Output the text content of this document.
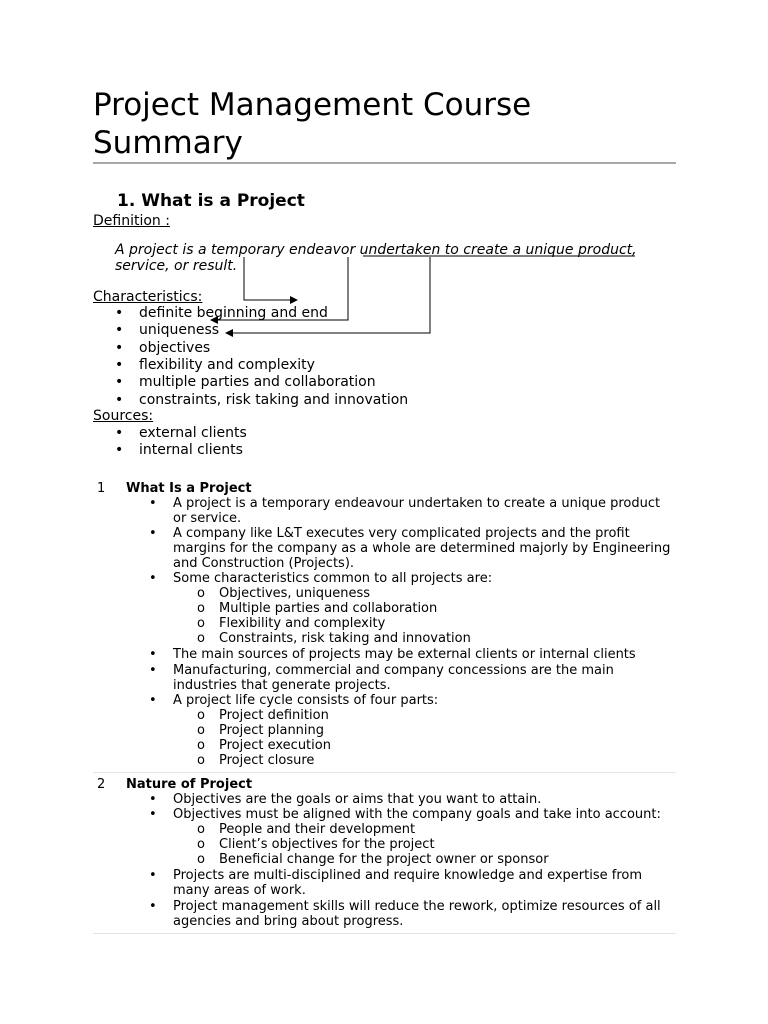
Project Management Course
Summary
1. What is a Project
Definition :
A project is a temporary endeavor undertaken to create a unique product,
service, or result.
Characteristics:
• definite beginning and end
• uniqueness
• objectives
• flexibility and complexity
• multiple parties and collaboration
• constraints, risk taking and innovation
Sources:
• external clients
• internal clients
1 What Is a Project
• A project is a temporary endeavour undertaken to create a unique product
or service.
• A company like L&T executes very complicated projects and the profit
margins for the company as a whole are determined majorly by Engineering
and Construction (Projects).
• Some characteristics common to all projects are:
o Objectives, uniqueness
o Multiple parties and collaboration
o Flexibility and complexity
o Constraints, risk taking and innovation
• The main sources of projects may be external clients or internal clients
• Manufacturing, commercial and company concessions are the main
industries that generate projects.
• A project life cycle consists of four parts:
o Project definition
o Project planning
o Project execution
o Project closure
2 Nature of Project
• Objectives are the goals or aims that you want to attain.
• Objectives must be aligned with the company goals and take into account:
o People and their development
o Client’s objectives for the project
o Beneficial change for the project owner or sponsor
• Projects are multi-disciplined and require knowledge and expertise from
many areas of work.
• Project management skills will reduce the rework, optimize resources of all
agencies and bring about progress.
